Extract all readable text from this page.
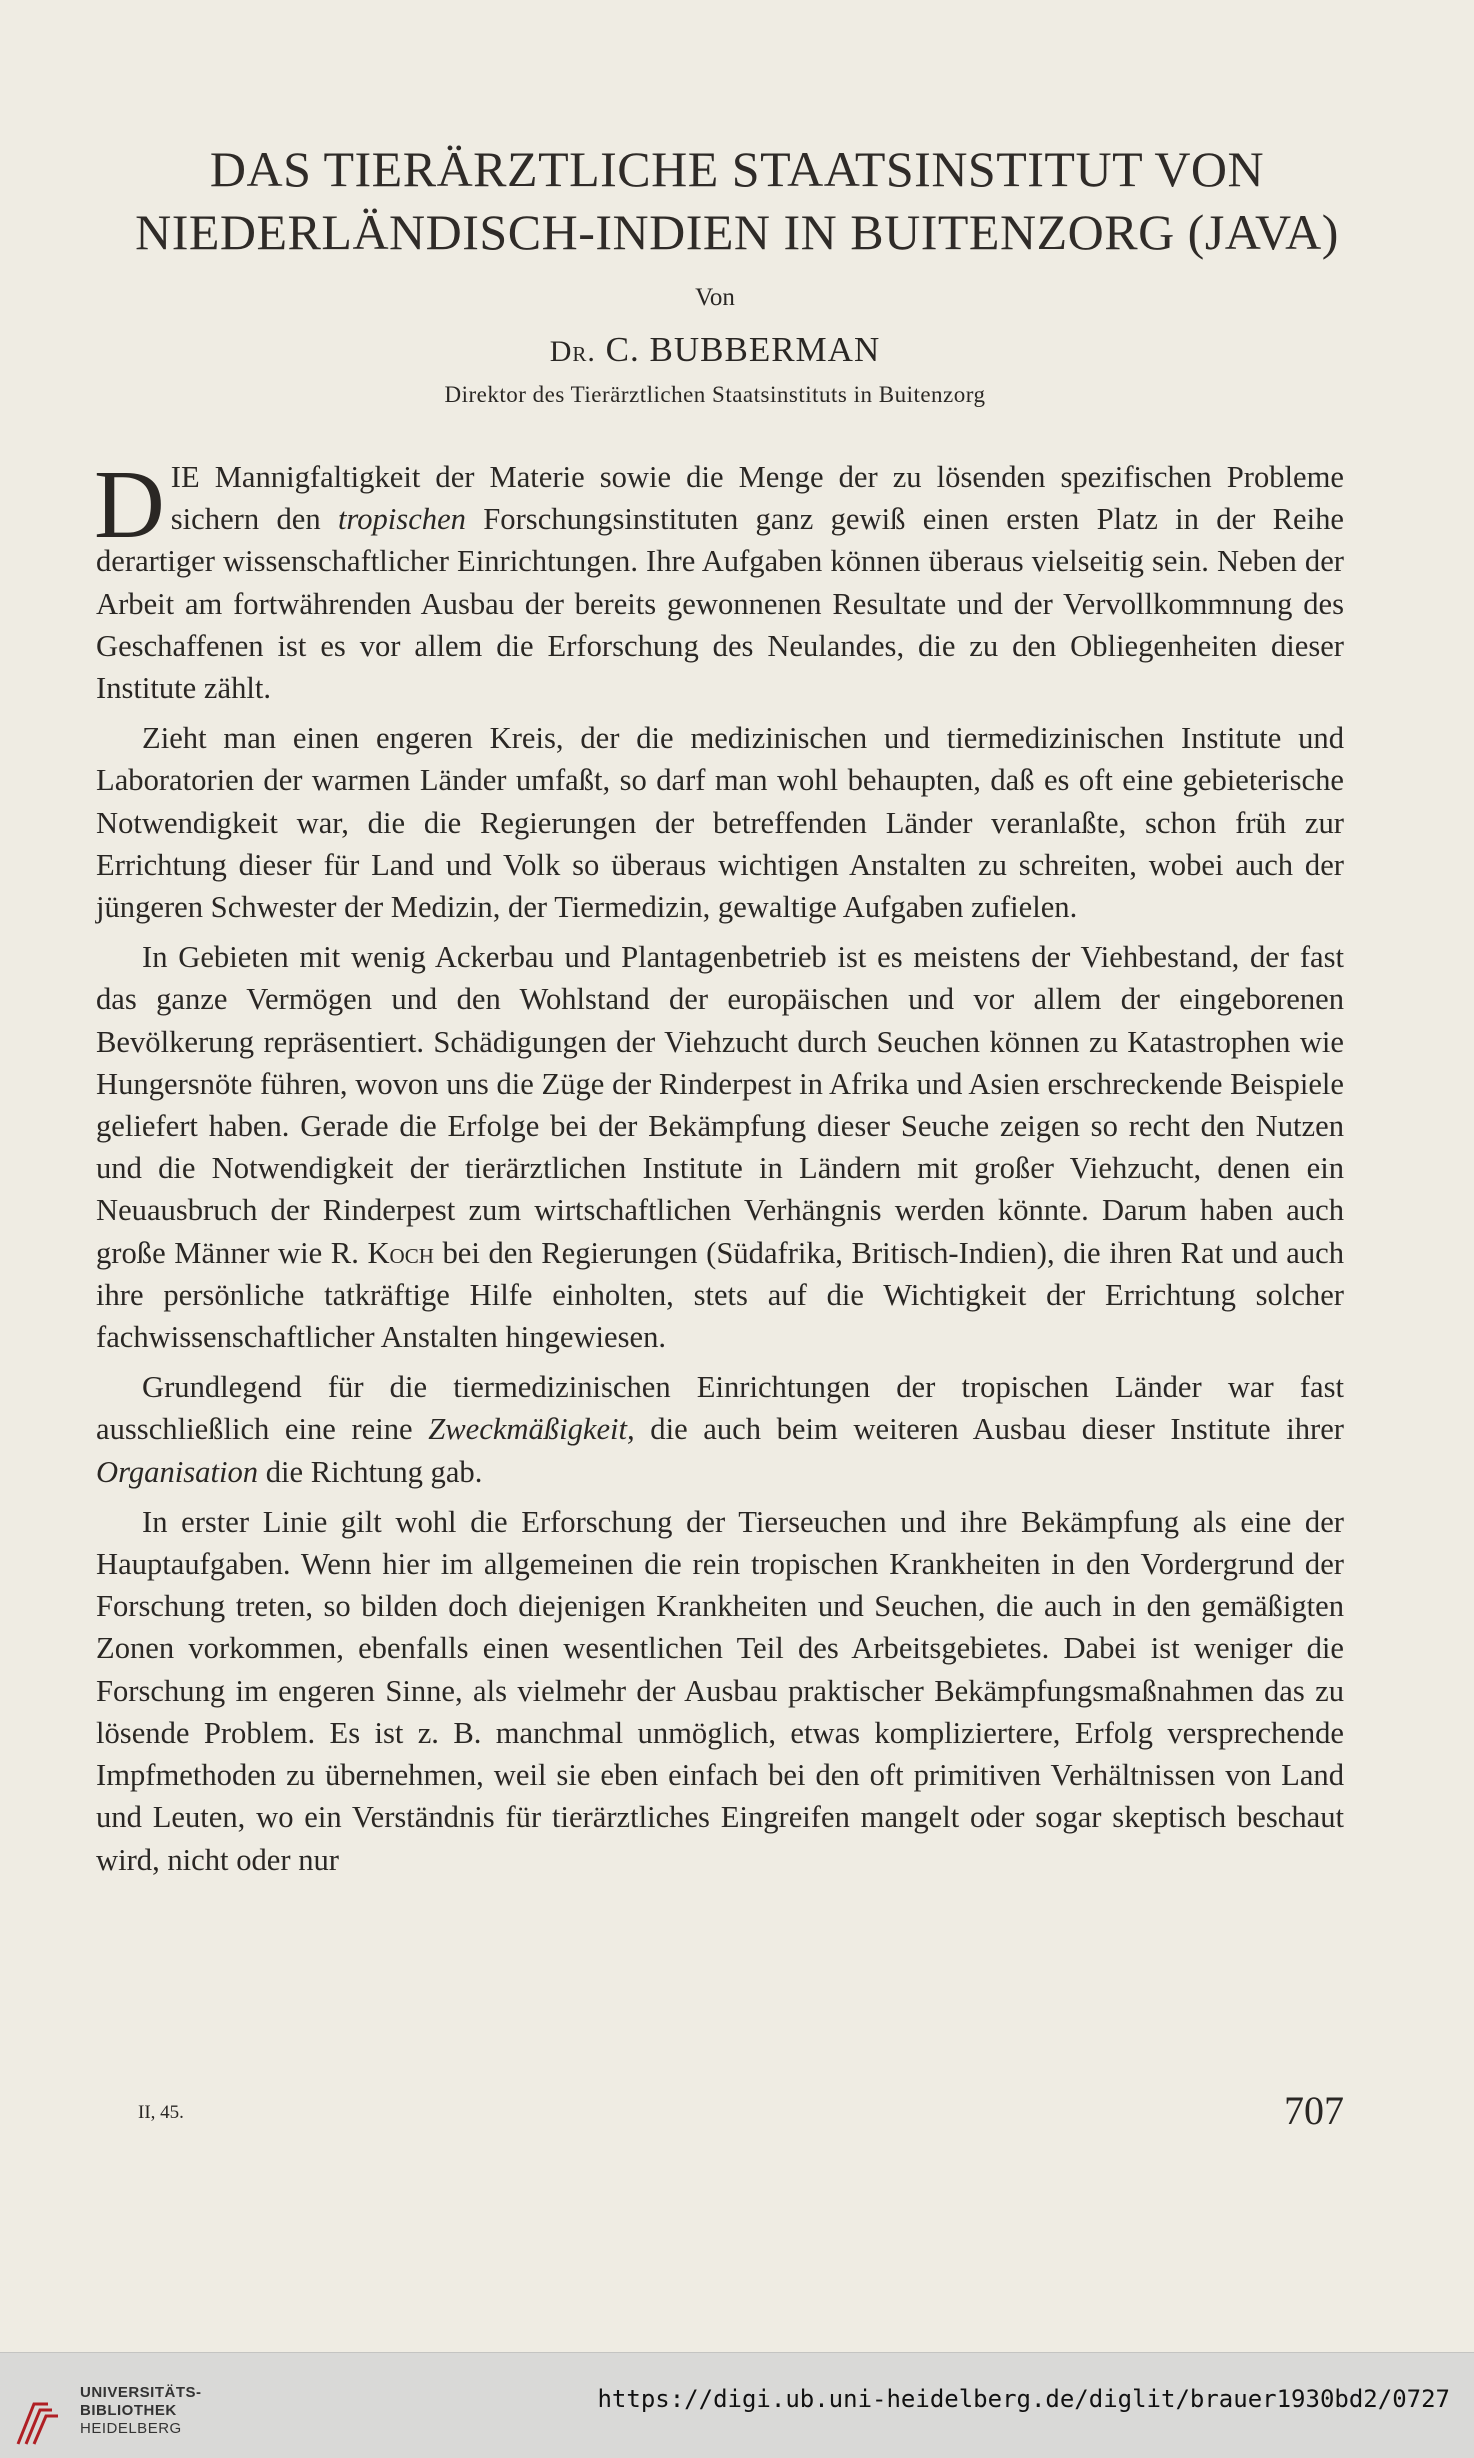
DAS TIERÄRZTLICHE STAATSINSTITUT VON
NIEDERLÄNDISCH-INDIEN IN BUITENZORG (JAVA)
Von
Dr. C. BUBBERMAN
Direktor des Tierärztlichen Staatsinstituts in Buitenzorg

DIE Mannigfaltigkeit der Materie sowie die Menge der zu lösenden spezifischen Probleme sichern den tropischen Forschungsinstituten ganz gewiß einen ersten Platz in der Reihe derartiger wissenschaftlicher Einrichtungen. Ihre Aufgaben können überaus vielseitig sein. Neben der Arbeit am fortwährenden Ausbau der bereits gewonnenen Resultate und der Vervollkommnung des Geschaffenen ist es vor allem die Erforschung des Neulandes, die zu den Obliegenheiten dieser Institute zählt.

Zieht man einen engeren Kreis, der die medizinischen und tiermedizinischen Institute und Laboratorien der warmen Länder umfaßt, so darf man wohl behaupten, daß es oft eine gebieterische Notwendigkeit war, die die Regierungen der betreffenden Länder veranlaßte, schon früh zur Errichtung dieser für Land und Volk so überaus wichtigen Anstalten zu schreiten, wobei auch der jüngeren Schwester der Medizin, der Tiermedizin, gewaltige Aufgaben zufielen.

In Gebieten mit wenig Ackerbau und Plantagenbetrieb ist es meistens der Viehbestand, der fast das ganze Vermögen und den Wohlstand der europäischen und vor allem der eingeborenen Bevölkerung repräsentiert. Schädigungen der Viehzucht durch Seuchen können zu Katastrophen wie Hungersnöte führen, wovon uns die Züge der Rinderpest in Afrika und Asien erschreckende Beispiele geliefert haben. Gerade die Erfolge bei der Bekämpfung dieser Seuche zeigen so recht den Nutzen und die Notwendigkeit der tierärztlichen Institute in Ländern mit großer Viehzucht, denen ein Neuausbruch der Rinderpest zum wirtschaftlichen Verhängnis werden könnte. Darum haben auch große Männer wie R. Koch bei den Regierungen (Südafrika, Britisch-Indien), die ihren Rat und auch ihre persönliche tatkräftige Hilfe einholten, stets auf die Wichtigkeit der Errichtung solcher fachwissenschaftlicher Anstalten hingewiesen.

Grundlegend für die tiermedizinischen Einrichtungen der tropischen Länder war fast ausschließlich eine reine Zweckmäßigkeit, die auch beim weiteren Ausbau dieser Institute ihrer Organisation die Richtung gab.

In erster Linie gilt wohl die Erforschung der Tierseuchen und ihre Bekämpfung als eine der Hauptaufgaben. Wenn hier im allgemeinen die rein tropischen Krankheiten in den Vordergrund der Forschung treten, so bilden doch diejenigen Krankheiten und Seuchen, die auch in den gemäßigten Zonen vorkommen, ebenfalls einen wesentlichen Teil des Arbeitsgebietes. Dabei ist weniger die Forschung im engeren Sinne, als vielmehr der Ausbau praktischer Bekämpfungsmaßnahmen das zu lösende Problem. Es ist z. B. manchmal unmöglich, etwas kompliziertere, Erfolg versprechende Impfmethoden zu übernehmen, weil sie eben einfach bei den oft primitiven Verhältnissen von Land und Leuten, wo ein Verständnis für tierärztliches Eingreifen mangelt oder sogar skeptisch beschaut wird, nicht oder nur

II, 45.	707
UNIVERSITÄTS-
BIBLIOTHEK
HEIDELBERG
https://digi.ub.uni-heidelberg.de/diglit/brauer1930bd2/0727
